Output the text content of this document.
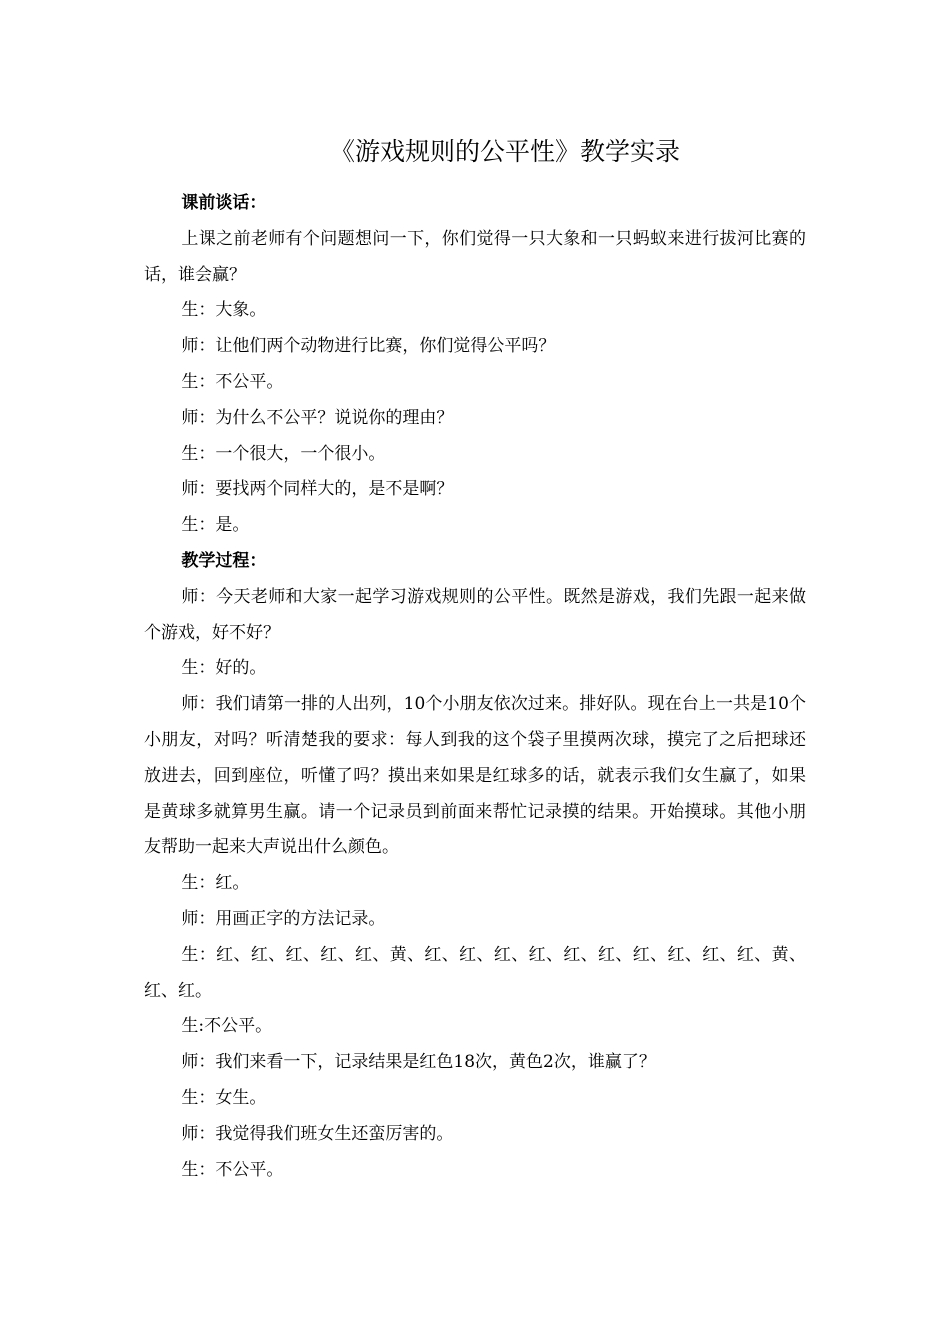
《游戏规则的公平性》教学实录

课前谈话：

上课之前老师有个问题想问一下，你们觉得一只大象和一只蚂蚁来进行拔河比赛的话，谁会赢？

生：大象。

师：让他们两个动物进行比赛，你们觉得公平吗？

生：不公平。

师：为什么不公平？说说你的理由？

生：一个很大，一个很小。

师：要找两个同样大的，是不是啊？

生：是。

教学过程：

师：今天老师和大家一起学习游戏规则的公平性。既然是游戏，我们先跟一起来做个游戏，好不好？

生：好的。

师：我们请第一排的人出列，10个小朋友依次过来。排好队。现在台上一共是10个小朋友，对吗？听清楚我的要求：每人到我的这个袋子里摸两次球，摸完了之后把球还放进去，回到座位，听懂了吗？摸出来如果是红球多的话，就表示我们女生赢了，如果是黄球多就算男生赢。请一个记录员到前面来帮忙记录摸的结果。开始摸球。其他小朋友帮助一起来大声说出什么颜色。

生：红。

师：用画正字的方法记录。

生：红、红、红、红、红、黄、红、红、红、红、红、红、红、红、红、红、黄、红、红。

生:不公平。

师：我们来看一下，记录结果是红色18次，黄色2次，谁赢了？

生：女生。

师：我觉得我们班女生还蛮厉害的。

生：不公平。
